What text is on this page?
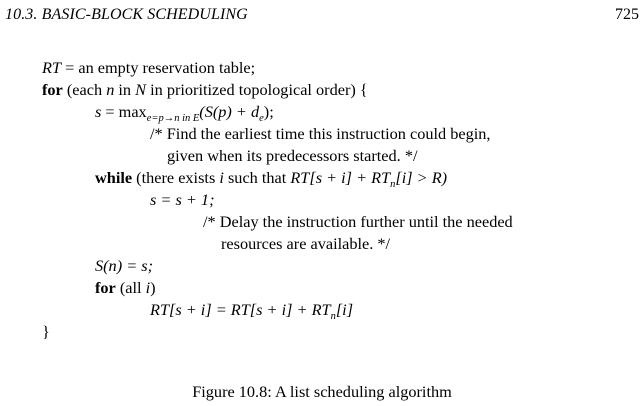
10.3. BASIC-BLOCK SCHEDULING	725
RT = an empty reservation table;
for (each n in N in prioritized topological order) {
$s = \max_{e=p\to n in E}(S(p) + d_e)$;
/* Find the earliest time this instruction could begin,
given when its predecessors started. */
while (there exists i such that $RT[s + i] + RT_n[i] > R$)
s = s + 1;
/* Delay the instruction further until the needed
resources are available. */
S(n) = s;
for (all i)
$RT[s + i] = RT[s + i] + RT_n[i]$
}
Figure 10.8: A list scheduling algorithm
